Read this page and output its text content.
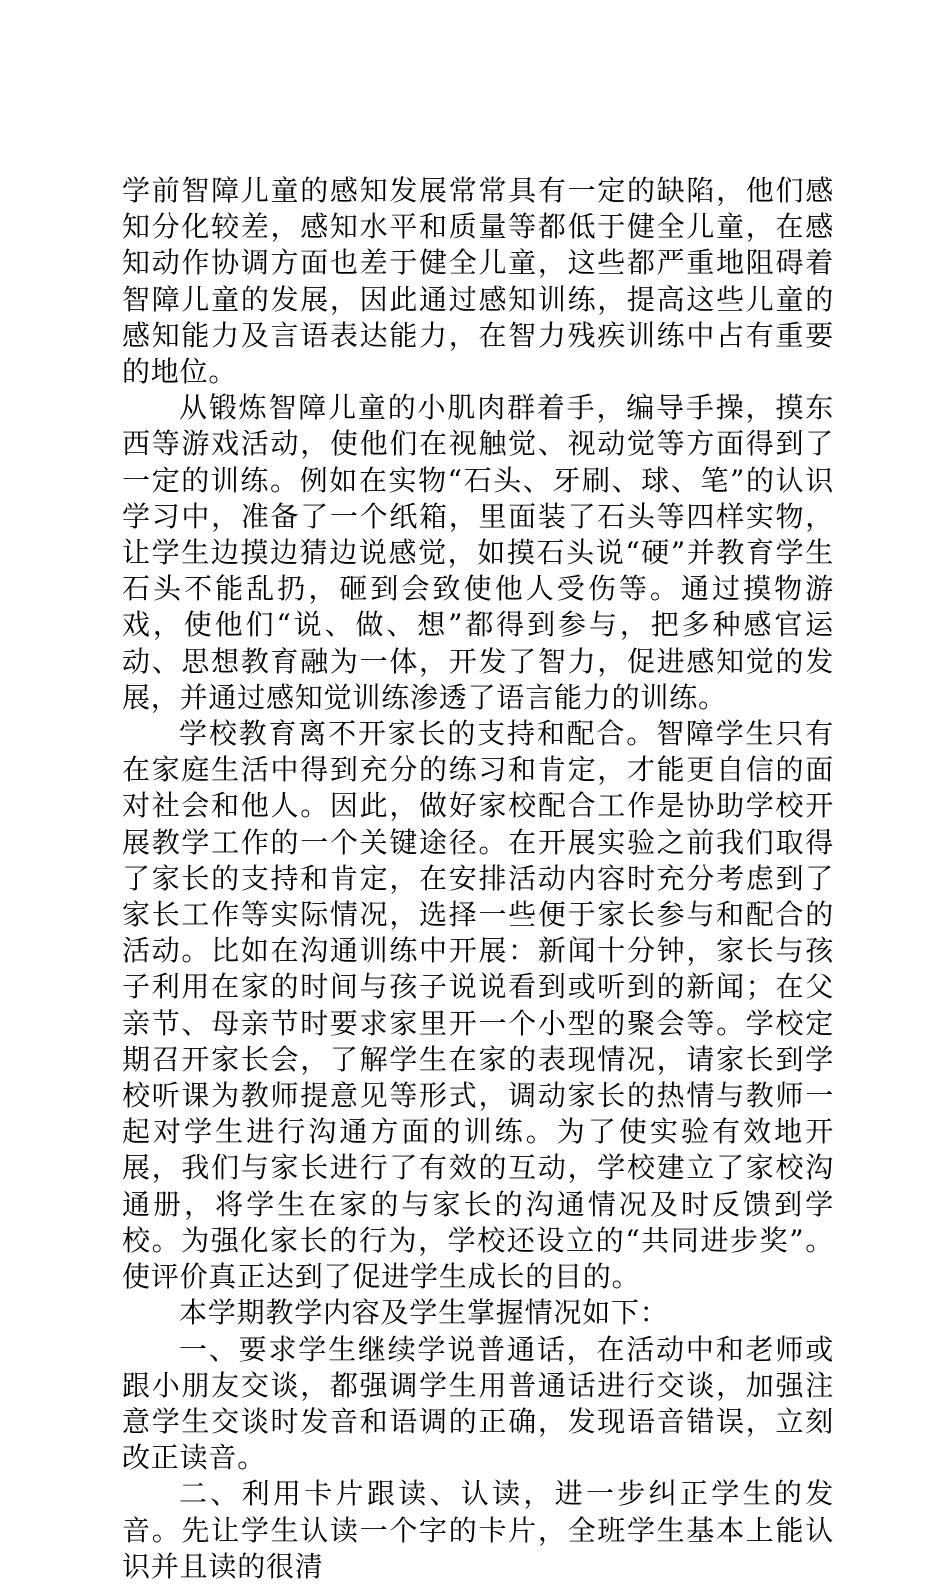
学前智障儿童的感知发展常常具有一定的缺陷，他们感知分化较差，感知水平和质量等都低于健全儿童，在感知动作协调方面也差于健全儿童，这些都严重地阻碍着智障儿童的发展，因此通过感知训练，提高这些儿童的感知能力及言语表达能力，在智力残疾训练中占有重要的地位。

从锻炼智障儿童的小肌肉群着手，编导手操，摸东西等游戏活动，使他们在视触觉、视动觉等方面得到了一定的训练。例如在实物“石头、牙刷、球、笔”的认识学习中，准备了一个纸箱，里面装了石头等四样实物，让学生边摸边猜边说感觉，如摸石头说“硬”并教育学生石头不能乱扔，砸到会致使他人受伤等。通过摸物游戏，使他们“说、做、想”都得到参与，把多种感官运动、思想教育融为一体，开发了智力，促进感知觉的发展，并通过感知觉训练渗透了语言能力的训练。

学校教育离不开家长的支持和配合。智障学生只有在家庭生活中得到充分的练习和肯定，才能更自信的面对社会和他人。因此，做好家校配合工作是协助学校开展教学工作的一个关键途径。在开展实验之前我们取得了家长的支持和肯定，在安排活动内容时充分考虑到了家长工作等实际情况，选择一些便于家长参与和配合的活动。比如在沟通训练中开展：新闻十分钟，家长与孩子利用在家的时间与孩子说说看到或听到的新闻；在父亲节、母亲节时要求家里开一个小型的聚会等。学校定期召开家长会，了解学生在家的表现情况，请家长到学校听课为教师提意见等形式，调动家长的热情与教师一起对学生进行沟通方面的训练。为了使实验有效地开展，我们与家长进行了有效的互动，学校建立了家校沟通册，将学生在家的与家长的沟通情况及时反馈到学校。为强化家长的行为，学校还设立的“共同进步奖”。使评价真正达到了促进学生成长的目的。

本学期教学内容及学生掌握情况如下：

一、要求学生继续学说普通话，在活动中和老师或跟小朋友交谈，都强调学生用普通话进行交谈，加强注意学生交谈时发音和语调的正确，发现语音错误，立刻改正读音。

二、利用卡片跟读、认读，进一步纠正学生的发音。先让学生认读一个字的卡片，全班学生基本上能认识并且读的很清
